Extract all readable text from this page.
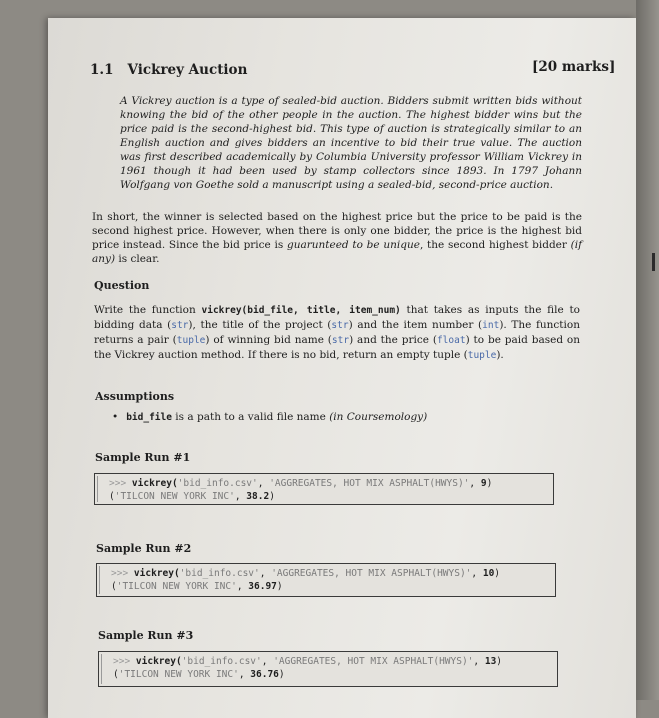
1.1 Vickrey Auction	[20 marks]
A Vickrey auction is a type of sealed-bid auction. Bidders submit written bids without knowing the bid of the other people in the auction. The highest bidder wins but the price paid is the second-highest bid. This type of auction is strategically similar to an English auction and gives bidders an incentive to bid their true value. The auction was first described academically by Columbia University professor William Vickrey in 1961 though it had been used by stamp collectors since 1893. In 1797 Johann Wolfgang von Goethe sold a manuscript using a sealed-bid, second-price auction.
In short, the winner is selected based on the highest price but the price to be paid is the second highest price. However, when there is only one bidder, the price is the highest bid price instead. Since the bid price is guarunteed to be unique, the second highest bidder (if any) is clear.
Question
Write the function vickrey(bid_file, title, item_num) that takes as inputs the file to bidding data (str), the title of the project (str) and the item number (int). The function returns a pair (tuple) of winning bid name (str) and the price (float) to be paid based on the Vickrey auction method. If there is no bid, return an empty tuple (tuple).
Assumptions
• bid_file is a path to a valid file name (in Coursemology)
Sample Run #1
>>> vickrey('bid_info.csv', 'AGGREGATES, HOT MIX ASPHALT(HWYS)', 9)
('TILCON NEW YORK INC', 38.2)
Sample Run #2
>>> vickrey('bid_info.csv', 'AGGREGATES, HOT MIX ASPHALT(HWYS)', 10)
('TILCON NEW YORK INC', 36.97)
Sample Run #3
>>> vickrey('bid_info.csv', 'AGGREGATES, HOT MIX ASPHALT(HWYS)', 13)
('TILCON NEW YORK INC', 36.76)
